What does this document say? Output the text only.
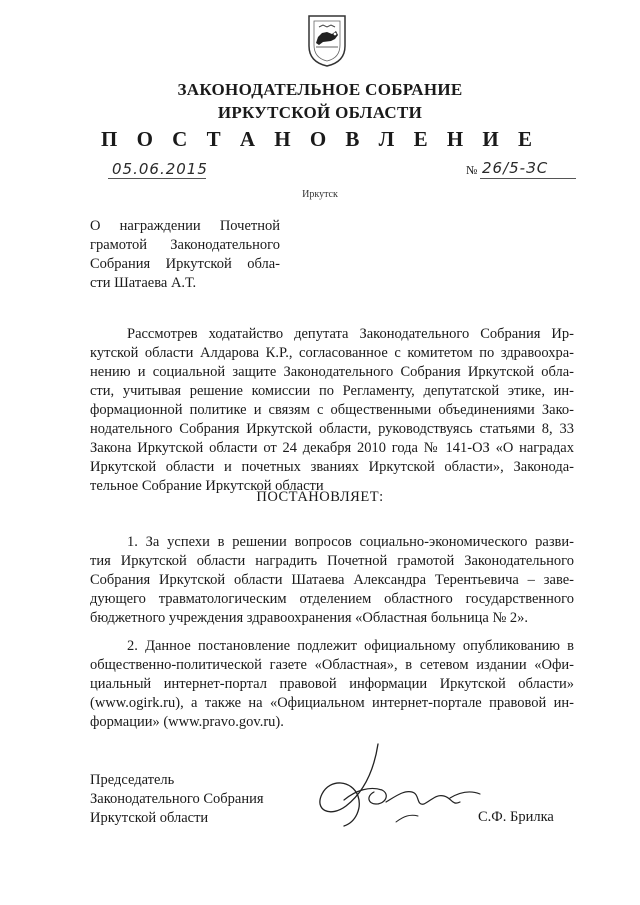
ЗАКОНОДАТЕЛЬНОЕ СОБРАНИЕ
ИРКУТСКОЙ ОБЛАСТИ
П О С Т А Н О В Л Е Н И Е
05.06.2015	№ 26/5-ЗС
Иркутск
О награждении Почетной
грамотой Законодательного
Собрания Иркутской обла-
сти Шатаева А.Т.
Рассмотрев ходатайство депутата Законодательного Собрания Ир-
кутской области Алдарова К.Р., согласованное с комитетом по здравоохра-
нению и социальной защите Законодательного Собрания Иркутской обла-
сти, учитывая решение комиссии по Регламенту, депутатской этике, ин-
формационной политике и связям с общественными объединениями Зако-
нодательного Собрания Иркутской области, руководствуясь статьями 8, 33
Закона Иркутской области от 24 декабря 2010 года № 141-ОЗ «О наградах
Иркутской области и почетных званиях Иркутской области», Законода-
тельное Собрание Иркутской области
ПОСТАНОВЛЯЕТ:
1. За успехи в решении вопросов социально-экономического разви-
тия Иркутской области наградить Почетной грамотой Законодательного
Собрания Иркутской области Шатаева Александра Терентьевича – заве-
дующего травматологическим отделением областного государственного
бюджетного учреждения здравоохранения «Областная больница № 2».
2. Данное постановление подлежит официальному опубликованию в
общественно-политической газете «Областная», в сетевом издании «Офи-
циальный интернет-портал правовой информации Иркутской области»
(www.ogirk.ru), а также на «Официальном интернет-портале правовой ин-
формации» (www.pravo.gov.ru).
Председатель
Законодательного Собрания
Иркутской области	С.Ф. Брилка
